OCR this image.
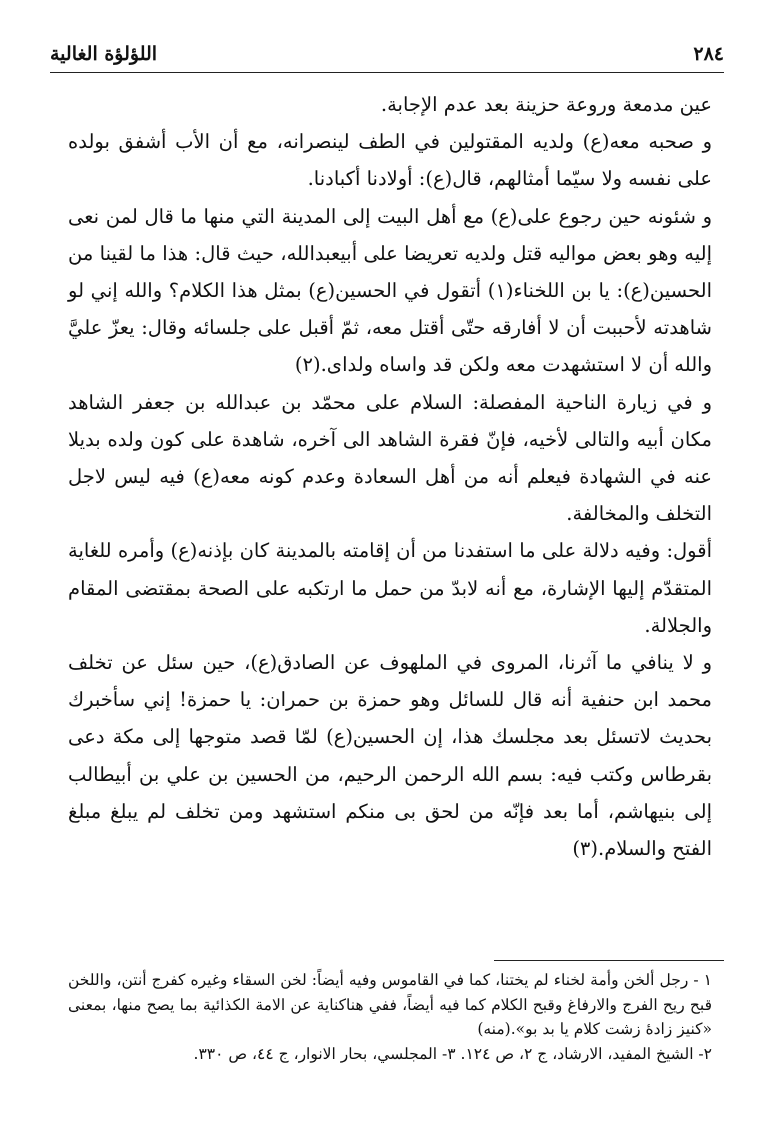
٢٨٤
اللؤلؤة الغالية

عين مدمعة وروعة حزينة بعد عدم الإجابة.

و صحبه معه(ع) ولديه المقتولين في الطف لينصرانه، مع أن الأب أشفق بولده على نفسه ولا سيّما أمثالهم، قال(ع): أولادنا أكبادنا.

و شئونه حين رجوع على(ع) مع أهل البيت إلى المدينة التي منها ما قال لمن نعى إليه وهو بعض مواليه قتل ولديه تعريضا على أبيعبدالله، حيث قال: هذا ما لقينا من الحسين(ع): يا بن اللخناء(١) أتقول في الحسين(ع) بمثل هذا الكلام؟ والله إني لو شاهدته لأحببت أن لا أفارقه حتّى أقتل معه، ثمّ أقبل على جلسائه وقال: يعزّ عليَّ والله أن لا استشهدت معه ولكن قد واساه ولداى.(٢)

و في زيارة الناحية المفصلة: السلام على محمّد بن عبدالله بن جعفر الشاهد مكان أبيه والتالى لأخيه، فإنّ فقرة الشاهد الى آخره، شاهدة على كون ولده بديلا عنه في الشهادة فيعلم أنه من أهل السعادة وعدم كونه معه(ع) فيه ليس لاجل التخلف والمخالفة.

أقول: وفيه دلالة على ما استفدنا من أن إقامته بالمدينة كان بإذنه(ع) وأمره للغاية المتقدّم إليها الإشارة، مع أنه لابدّ من حمل ما ارتكبه على الصحة بمقتضى المقام والجلالة.

و لا ينافي ما آثرنا، المروى في الملهوف عن الصادق(ع)، حين سئل عن تخلف محمد ابن حنفية أنه قال للسائل وهو حمزة بن حمران: يا حمزة! إني سأخبرك بحديث لاتسئل بعد مجلسك هذا، إن الحسين(ع) لمّا قصد متوجها إلى مكة دعى بقرطاس وكتب فيه: بسم الله الرحمن الرحيم، من الحسين بن علي بن أبيطالب إلى بنيهاشم، أما بعد فإنّه من لحق بى منكم استشهد ومن تخلف لم يبلغ مبلغ الفتح والسلام.(٣)

١ - رجل ألخن وأمة لخناء لم يختنا، كما في القاموس وفيه أيضاً: لخن السقاء وغيره كفرج أنتن، واللخن قبح ريح الفرج والارفاغ وقبح الكلام كما فيه أيضاً، ففي هناكناية عن الامة الكذائية بما يصح منها، بمعنى «كنيز زادهٔ زشت كلام يا بد بو».(منه)

٢- الشيخ المفيد، الارشاد، ج ٢، ص ١٢٤. ٣- المجلسي، بحار الانوار، ج ٤٤، ص ٣٣٠.
